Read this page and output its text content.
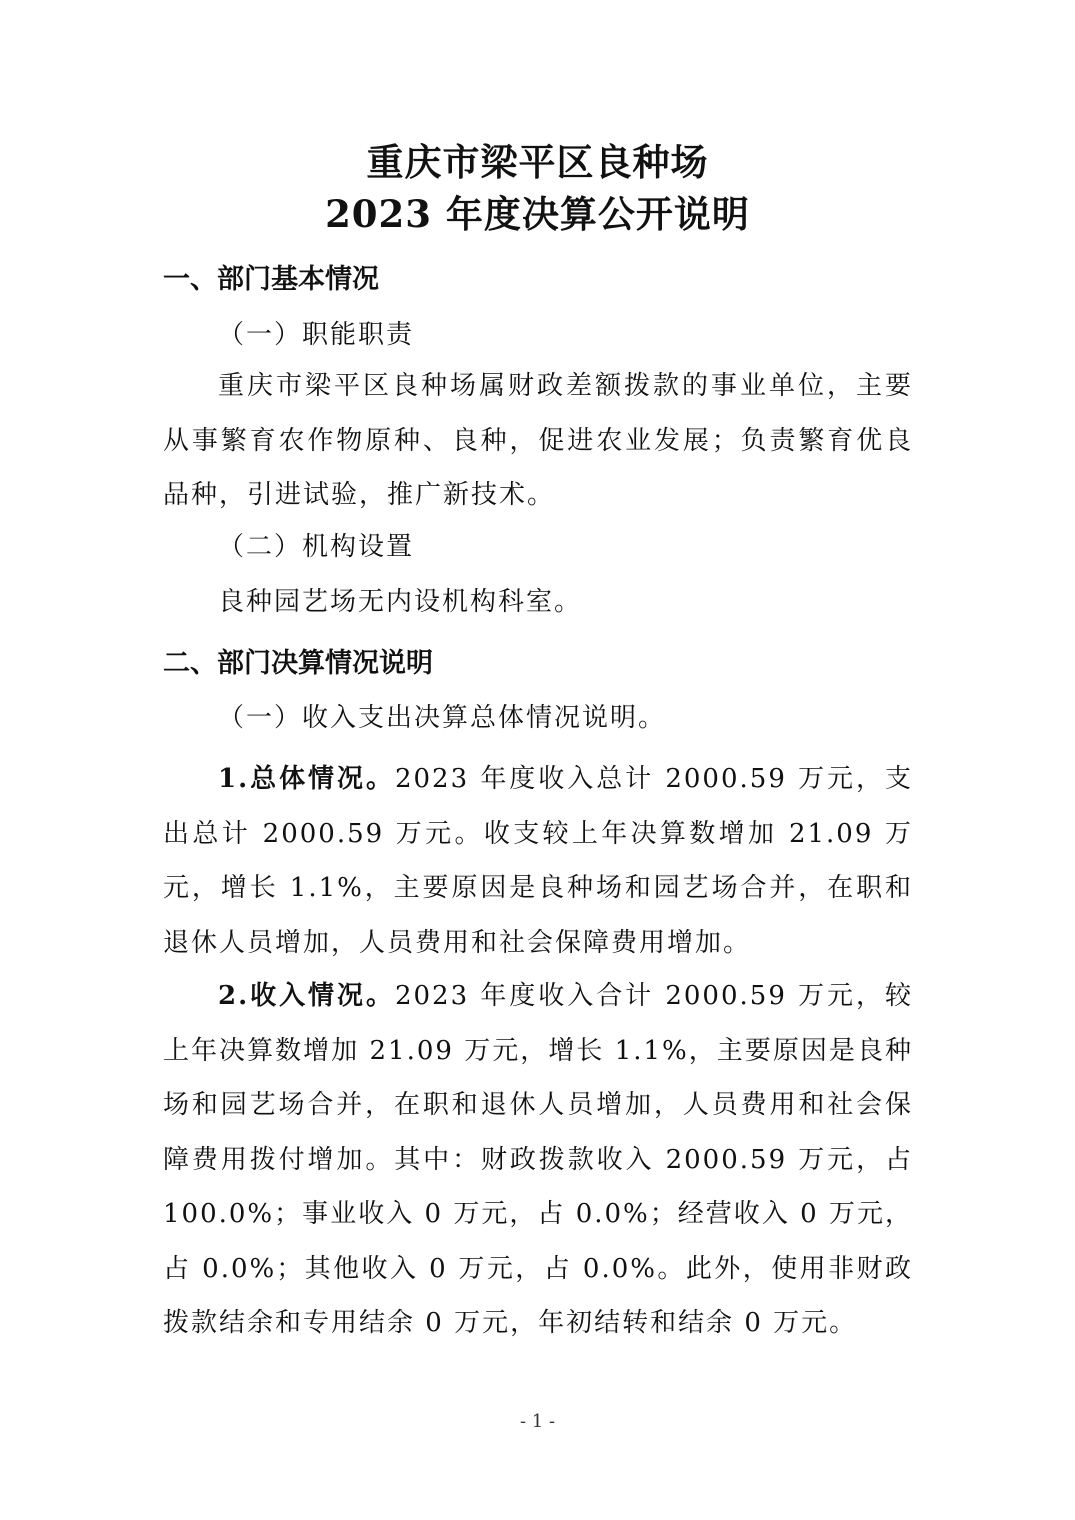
重庆市梁平区良种场
2023 年度决算公开说明
一、部门基本情况
（一）职能职责
重庆市梁平区良种场属财政差额拨款的事业单位，主要从事繁育农作物原种、良种，促进农业发展；负责繁育优良品种，引进试验，推广新技术。
（二）机构设置
良种园艺场无内设机构科室。
二、部门决算情况说明
（一）收入支出决算总体情况说明。
1.总体情况。2023 年度收入总计 2000.59 万元，支出总计 2000.59 万元。收支较上年决算数增加 21.09 万元，增长 1.1%，主要原因是良种场和园艺场合并，在职和退休人员增加，人员费用和社会保障费用增加。
2.收入情况。2023 年度收入合计 2000.59 万元，较上年决算数增加 21.09 万元，增长 1.1%，主要原因是良种场和园艺场合并，在职和退休人员增加，人员费用和社会保障费用拨付增加。其中：财政拨款收入 2000.59 万元，占 100.0%；事业收入 0 万元，占 0.0%；经营收入 0 万元，占 0.0%；其他收入 0 万元，占 0.0%。此外，使用非财政拨款结余和专用结余 0 万元，年初结转和结余 0 万元。
- 1 -
